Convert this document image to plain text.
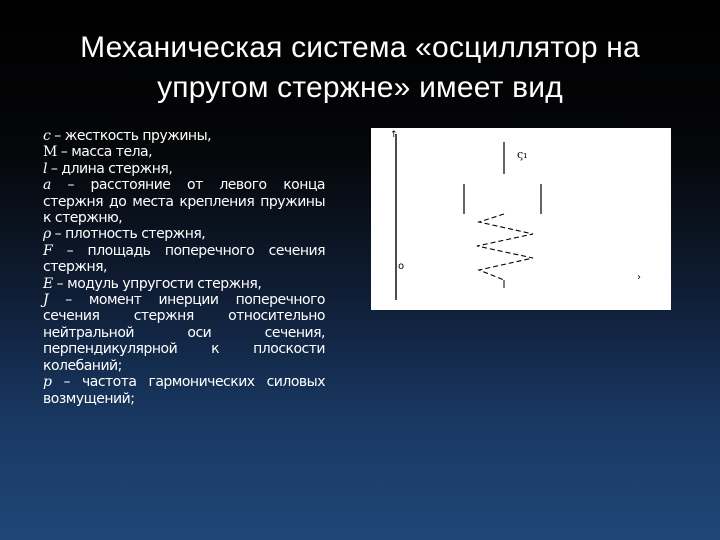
Механическая система «осциллятор на
упругом стержне» имеет вид
c – жесткость пружины,
M – масса тела,
l – длина стержня,
a – расстояние от левого конца стержня до места крепления пружины к стержню,
ρ – плотность стержня,
F – площадь поперечного сечения стержня,
E – модуль упругости стержня,
J – момент инерции поперечного сечения стержня относительно нейтральной оси сечения, перпендикулярной к плоскости колебаний;
p – частота гармонических силовых возмущений;
↑
ς₁
o
›
